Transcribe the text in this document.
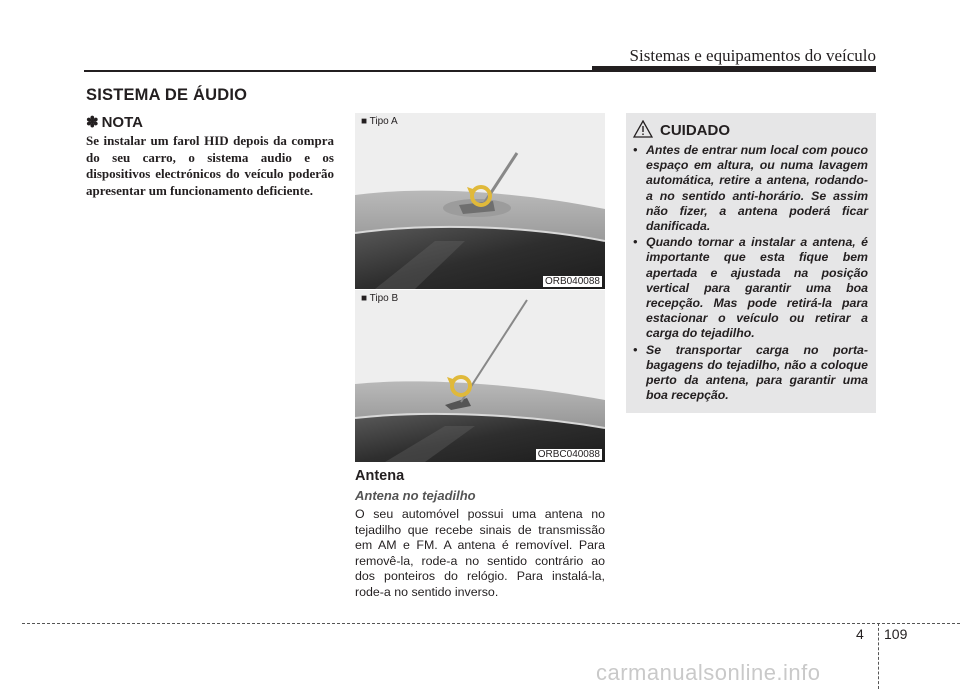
Sistemas e equipamentos do veículo
SISTEMA DE ÁUDIO
✽ NOTA
Se instalar um farol HID depois da compra do seu carro, o sistema audio e os dispositivos electrónicos do veículo poderão apresentar um funcionamento deficiente.
■ Tipo A
ORB040088
■ Tipo B
ORBC040088
CUIDADO
• Antes de entrar num local com pouco espaço em altura, ou numa lavagem automática, retire a antena, rodando-a no sentido anti-horário. Se assim não fizer, a antena poderá ficar danificada.
• Quando tornar a instalar a antena, é importante que esta fique bem apertada e ajustada na posição vertical para garantir uma boa recepção. Mas pode retirá-la para estacionar o veículo ou retirar a carga do tejadilho.
• Se transportar carga no porta-bagagens do tejadilho, não a coloque perto da antena, para garantir uma boa recepção.
Antena
Antena no tejadilho
O seu automóvel possui uma antena no tejadilho que recebe sinais de transmissão em AM e FM. A antena é removível. Para removê-la, rode-a no sentido contrário ao dos ponteiros do relógio. Para instalá-la, rode-a no sentido inverso.
4 109
carmanualsonline.info
